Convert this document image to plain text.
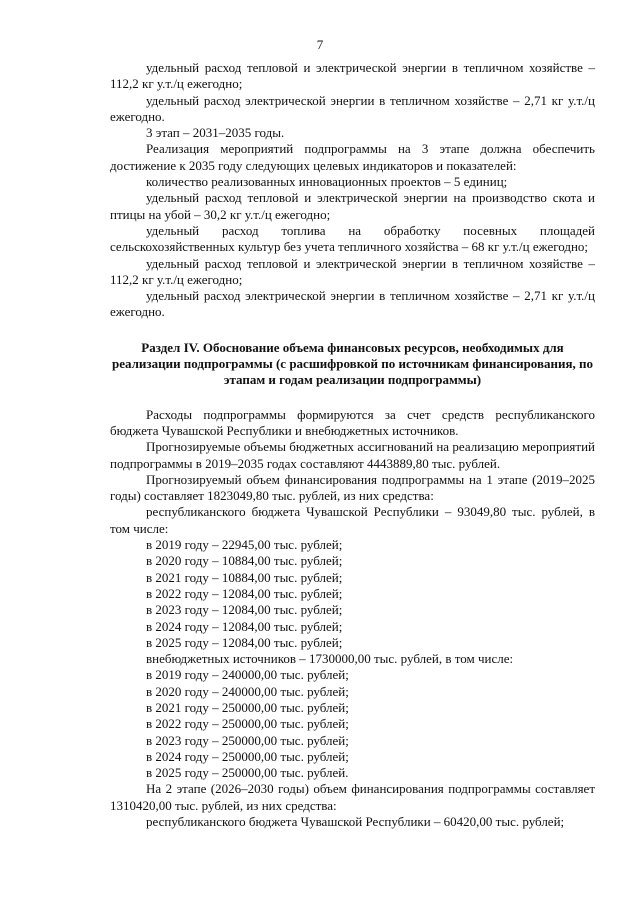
7

удельный расход тепловой и электрической энергии в тепличном хозяйстве – 112,2 кг у.т./ц ежегодно;

удельный расход электрической энергии в тепличном хозяйстве – 2,71 кг у.т./ц ежегодно.

3 этап – 2031–2035 годы.

Реализация мероприятий подпрограммы на 3 этапе должна обеспечить достижение к 2035 году следующих целевых индикаторов и показателей:

количество реализованных инновационных проектов – 5 единиц;

удельный расход тепловой и электрической энергии на производство скота и птицы на убой – 30,2 кг у.т./ц ежегодно;

удельный расход топлива на обработку посевных площадей сельскохозяйственных культур без учета тепличного хозяйства – 68 кг у.т./ц ежегодно;

удельный расход тепловой и электрической энергии в тепличном хозяйстве – 112,2 кг у.т./ц ежегодно;

удельный расход электрической энергии в тепличном хозяйстве – 2,71 кг у.т./ц ежегодно.

Раздел IV. Обоснование объема финансовых ресурсов, необходимых для реализации подпрограммы (с расшифровкой по источникам финансирования, по этапам и годам реализации подпрограммы)

Расходы подпрограммы формируются за счет средств республиканского бюджета Чувашской Республики и внебюджетных источников.

Прогнозируемые объемы бюджетных ассигнований на реализацию мероприятий подпрограммы в 2019–2035 годах составляют 4443889,80 тыс. рублей.

Прогнозируемый объем финансирования подпрограммы на 1 этапе (2019–2025 годы) составляет 1823049,80 тыс. рублей, из них средства:

республиканского бюджета Чувашской Республики – 93049,80 тыс. рублей, в том числе:

в 2019 году – 22945,00 тыс. рублей;

в 2020 году – 10884,00 тыс. рублей;

в 2021 году – 10884,00 тыс. рублей;

в 2022 году – 12084,00 тыс. рублей;

в 2023 году – 12084,00 тыс. рублей;

в 2024 году – 12084,00 тыс. рублей;

в 2025 году – 12084,00 тыс. рублей;

внебюджетных источников – 1730000,00 тыс. рублей, в том числе:

в 2019 году – 240000,00 тыс. рублей;

в 2020 году – 240000,00 тыс. рублей;

в 2021 году – 250000,00 тыс. рублей;

в 2022 году – 250000,00 тыс. рублей;

в 2023 году – 250000,00 тыс. рублей;

в 2024 году – 250000,00 тыс. рублей;

в 2025 году – 250000,00 тыс. рублей.

На 2 этапе (2026–2030 годы) объем финансирования подпрограммы составляет 1310420,00 тыс. рублей, из них средства:

республиканского бюджета Чувашской Республики – 60420,00 тыс. рублей;
